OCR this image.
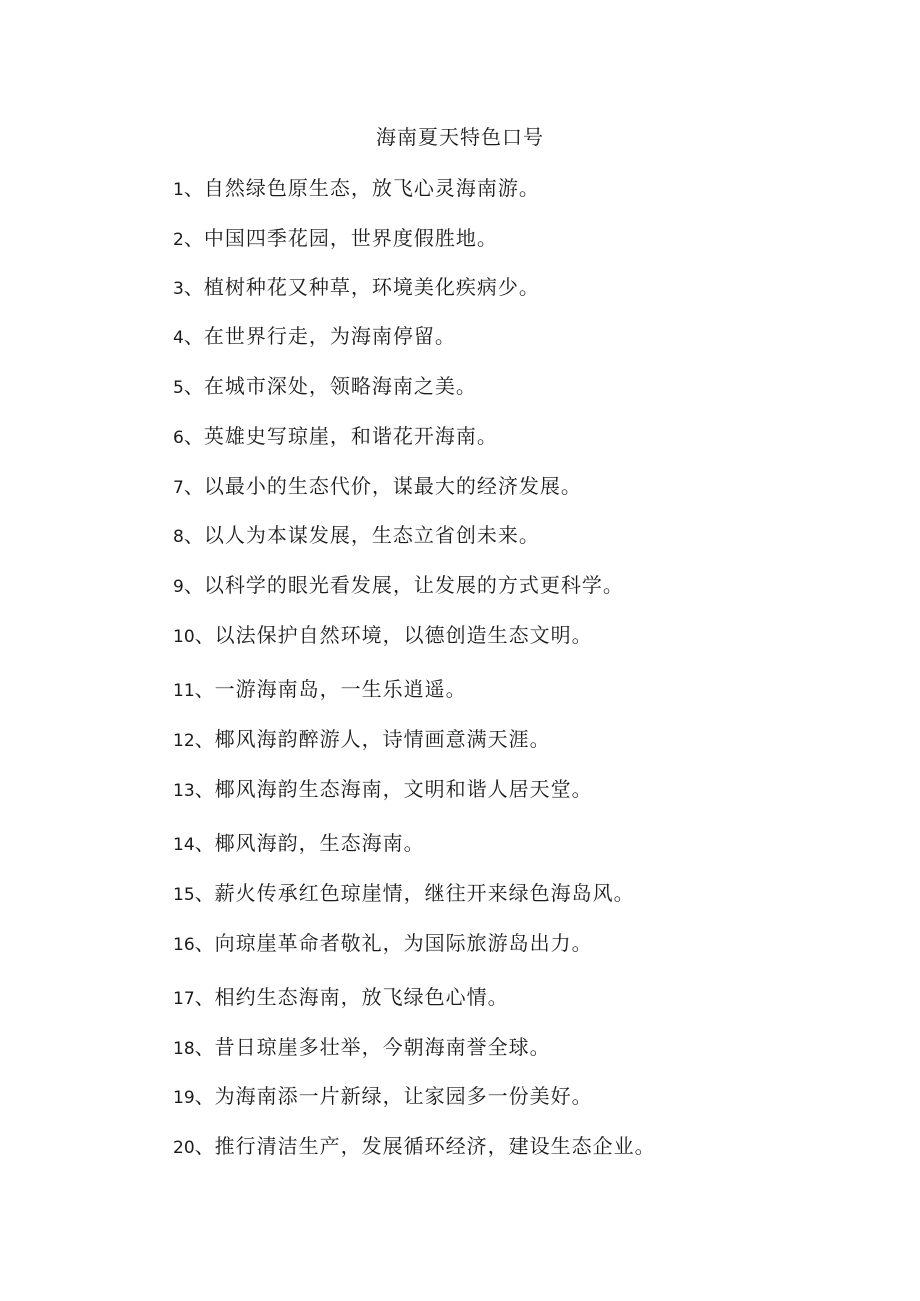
海南夏天特色口号
1、自然绿色原生态，放飞心灵海南游。
2、中国四季花园，世界度假胜地。
3、植树种花又种草，环境美化疾病少。
4、在世界行走，为海南停留。
5、在城市深处，领略海南之美。
6、英雄史写琼崖，和谐花开海南。
7、以最小的生态代价，谋最大的经济发展。
8、以人为本谋发展，生态立省创未来。
9、以科学的眼光看发展，让发展的方式更科学。
10、以法保护自然环境，以德创造生态文明。
11、一游海南岛，一生乐逍遥。
12、椰风海韵醉游人，诗情画意满天涯。
13、椰风海韵生态海南，文明和谐人居天堂。
14、椰风海韵，生态海南。
15、薪火传承红色琼崖情，继往开来绿色海岛风。
16、向琼崖革命者敬礼，为国际旅游岛出力。
17、相约生态海南，放飞绿色心情。
18、昔日琼崖多壮举，今朝海南誉全球。
19、为海南添一片新绿，让家园多一份美好。
20、推行清洁生产，发展循环经济，建设生态企业。
